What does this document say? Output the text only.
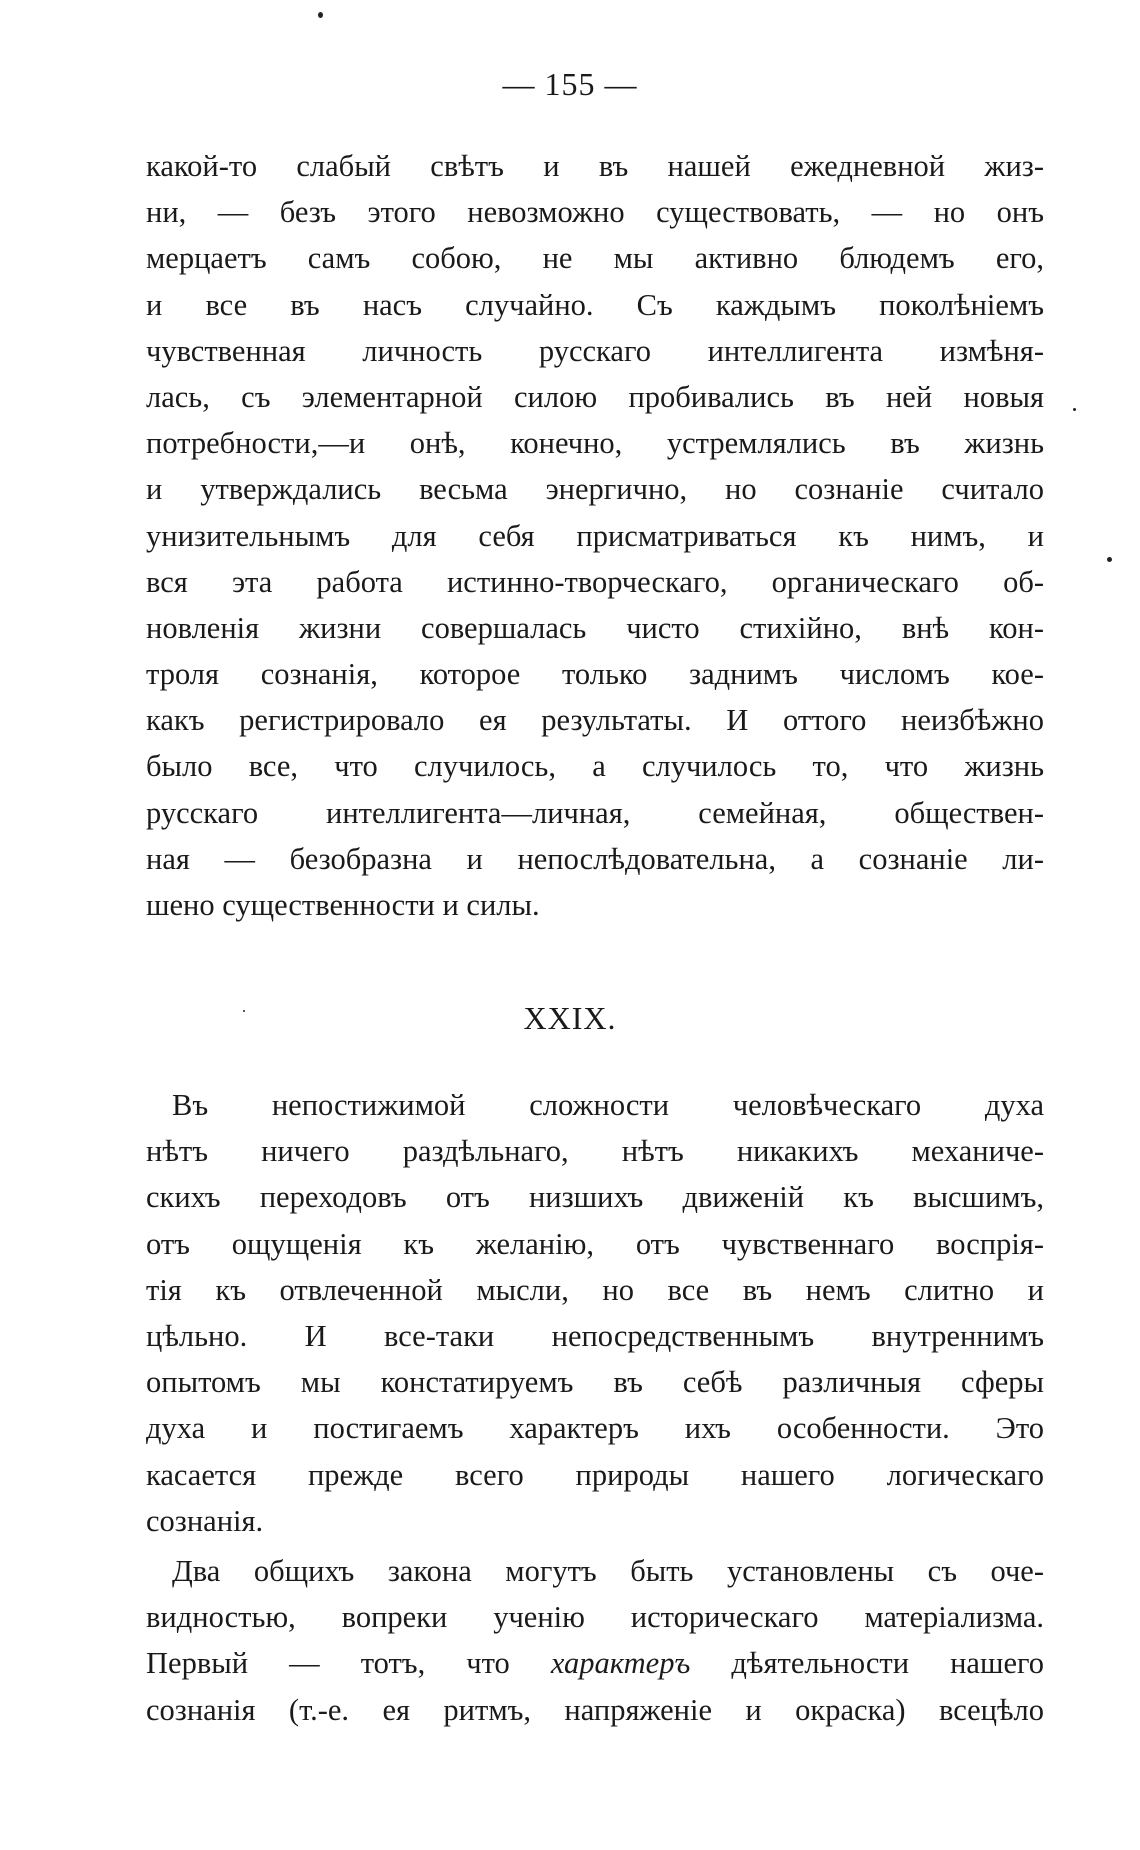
— 155 —
какой-то слабый свѣтъ и въ нашей ежедневной жиз-
ни, — безъ этого невозможно существовать, — но онъ
мерцаетъ самъ собою, не мы активно блюдемъ его,
и все въ насъ случайно. Съ каждымъ поколѣніемъ
чувственная личность русскаго интеллигента измѣня-
лась, съ элементарной силою пробивались въ ней новыя
потребности,—и онѣ, конечно, устремлялись въ жизнь
и утверждались весьма энергично, но сознаніе считало
унизительнымъ для себя присматриваться къ нимъ, и
вся эта работа истинно-творческаго, органическаго об-
новленія жизни совершалась чисто стихійно, внѣ кон-
троля сознанія, которое только заднимъ числомъ кое-
какъ регистрировало ея результаты. И оттого неизбѣжно
было все, что случилось, а случилось то, что жизнь
русскаго интеллигента—личная, семейная, обществен-
ная — безобразна и непослѣдовательна, а сознаніе ли-
шено существенности и силы.
XXIX.
Въ непостижимой сложности человѣческаго духа
нѣтъ ничего раздѣльнаго, нѣтъ никакихъ механиче-
скихъ переходовъ отъ низшихъ движеній къ высшимъ,
отъ ощущенія къ желанію, отъ чувственнаго воспрія-
тія къ отвлеченной мысли, но все въ немъ слитно и
цѣльно. И все-таки непосредственнымъ внутреннимъ
опытомъ мы констатируемъ въ себѣ различныя сферы
духа и постигаемъ характеръ ихъ особенности. Это
касается прежде всего природы нашего логическаго
сознанія.
Два общихъ закона могутъ быть установлены съ оче-
видностью, вопреки ученію историческаго матеріализма.
Первый — тотъ, что характеръ дѣятельности нашего
сознанія (т.-е. ея ритмъ, напряженіе и окраска) всецѣло
